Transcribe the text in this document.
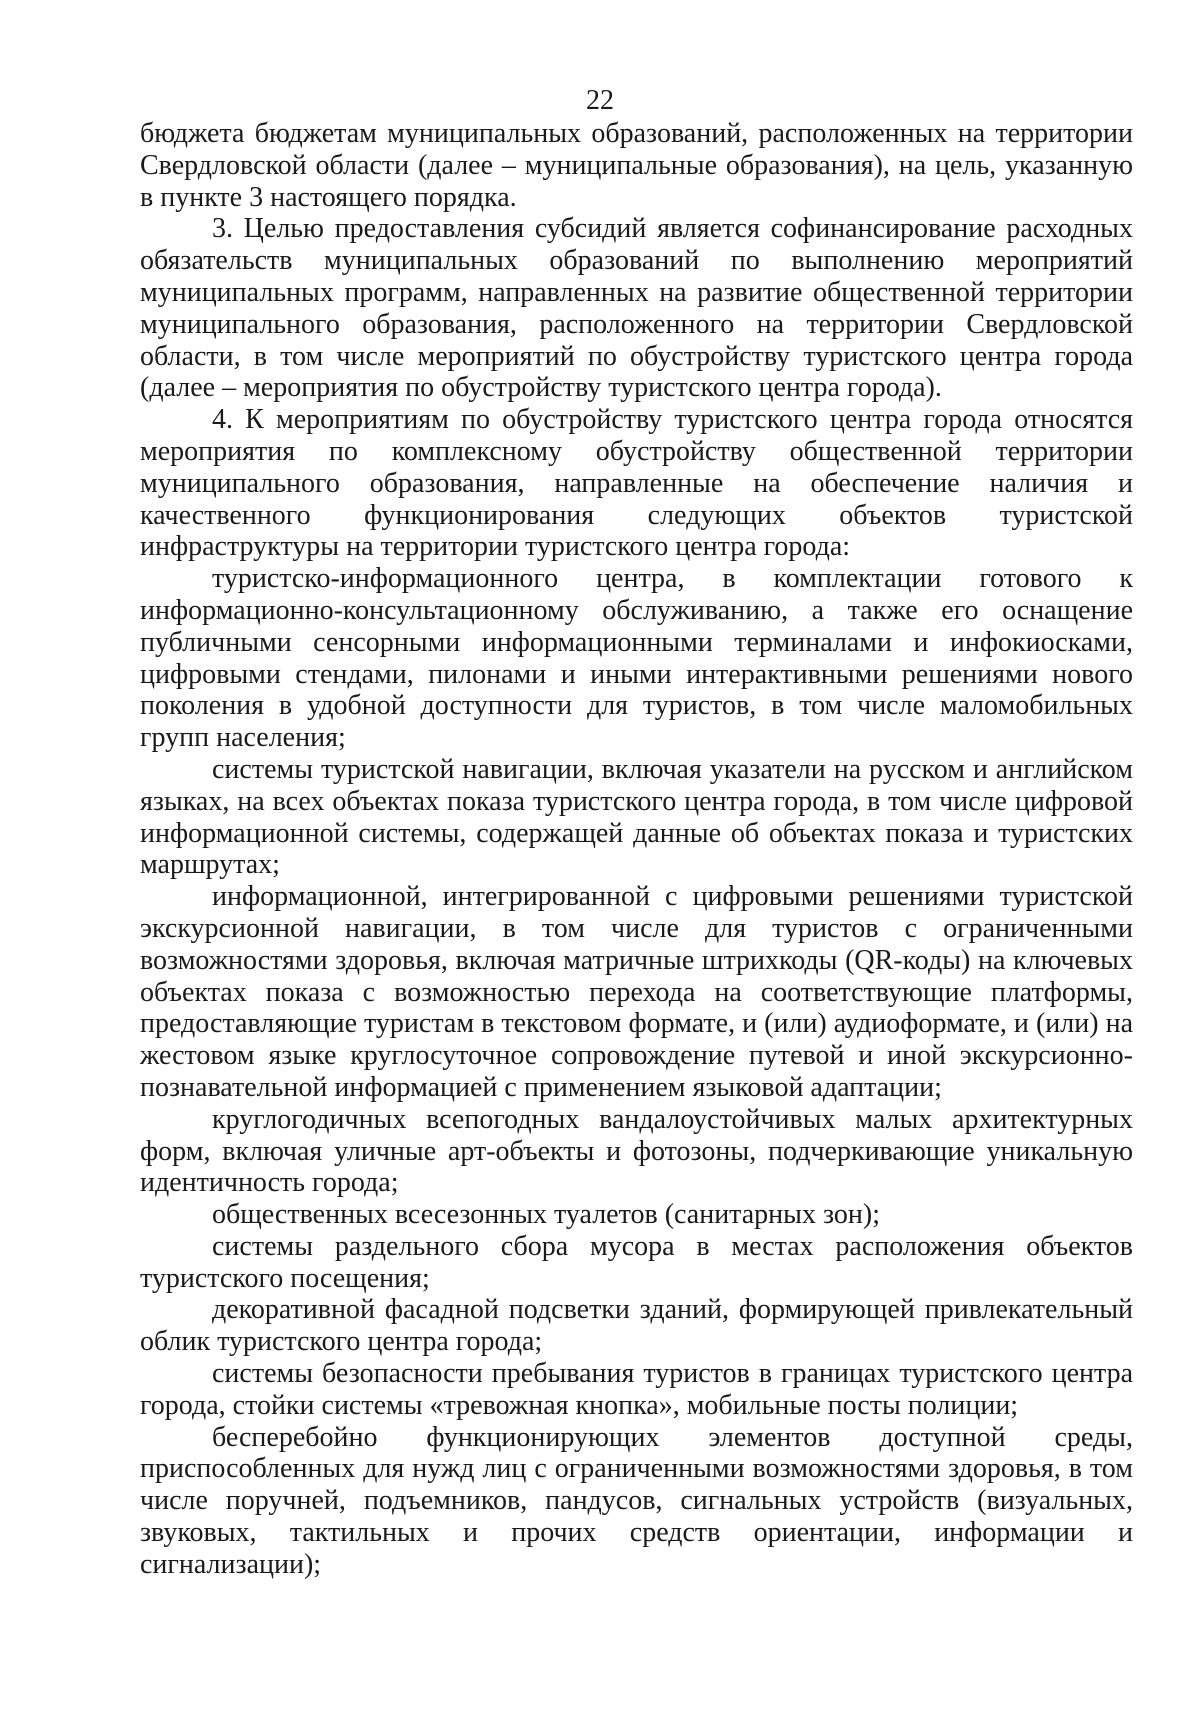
22

бюджета бюджетам муниципальных образований, расположенных на территории Свердловской области (далее – муниципальные образования), на цель, указанную в пункте 3 настоящего порядка.

3. Целью предоставления субсидий является софинансирование расходных обязательств муниципальных образований по выполнению мероприятий муниципальных программ, направленных на развитие общественной территории муниципального образования, расположенного на территории Свердловской области, в том числе мероприятий по обустройству туристского центра города (далее – мероприятия по обустройству туристского центра города).

4. К мероприятиям по обустройству туристского центра города относятся мероприятия по комплексному обустройству общественной территории муниципального образования, направленные на обеспечение наличия и качественного функционирования следующих объектов туристской инфраструктуры на территории туристского центра города:

туристско-информационного центра, в комплектации готового к информационно-консультационному обслуживанию, а также его оснащение публичными сенсорными информационными терминалами и инфокиосками, цифровыми стендами, пилонами и иными интерактивными решениями нового поколения в удобной доступности для туристов, в том числе маломобильных групп населения;

системы туристской навигации, включая указатели на русском и английском языках, на всех объектах показа туристского центра города, в том числе цифровой информационной системы, содержащей данные об объектах показа и туристских маршрутах;

информационной, интегрированной с цифровыми решениями туристской экскурсионной навигации, в том числе для туристов с ограниченными возможностями здоровья, включая матричные штрихкоды (QR-коды) на ключевых объектах показа с возможностью перехода на соответствующие платформы, предоставляющие туристам в текстовом формате, и (или) аудиоформате, и (или) на жестовом языке круглосуточное сопровождение путевой и иной экскурсионно-познавательной информацией с применением языковой адаптации;

круглогодичных всепогодных вандалоустойчивых малых архитектурных форм, включая уличные арт-объекты и фотозоны, подчеркивающие уникальную идентичность города;

общественных всесезонных туалетов (санитарных зон);

системы раздельного сбора мусора в местах расположения объектов туристского посещения;

декоративной фасадной подсветки зданий, формирующей привлекательный облик туристского центра города;

системы безопасности пребывания туристов в границах туристского центра города, стойки системы «тревожная кнопка», мобильные посты полиции;

бесперебойно функционирующих элементов доступной среды, приспособленных для нужд лиц с ограниченными возможностями здоровья, в том числе поручней, подъемников, пандусов, сигнальных устройств (визуальных, звуковых, тактильных и прочих средств ориентации, информации и сигнализации);
